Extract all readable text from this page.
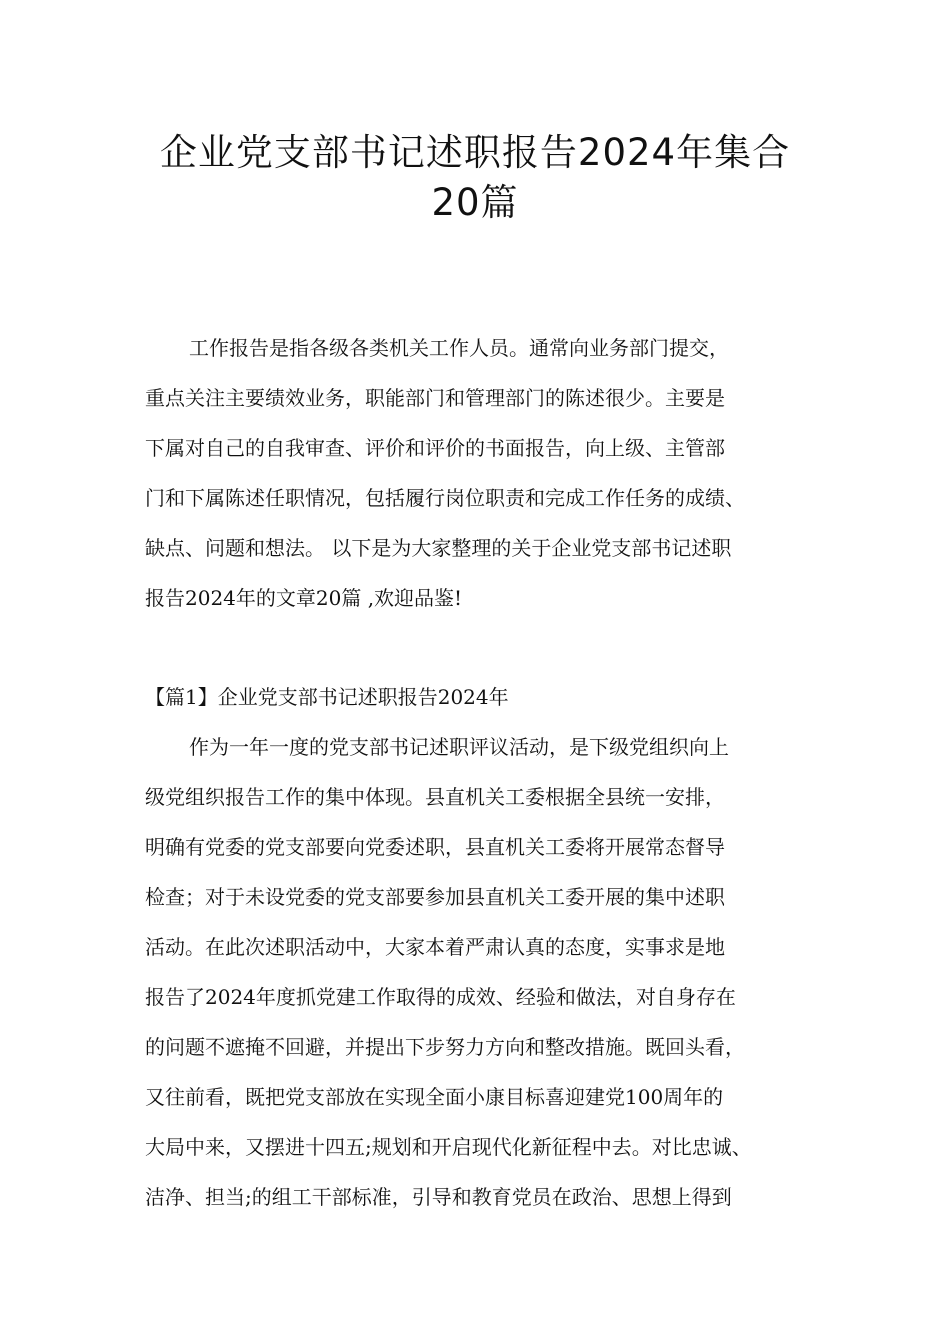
企业党支部书记述职报告2024年集合
20篇
工作报告是指各级各类机关工作人员。通常向业务部门提交，
重点关注主要绩效业务，职能部门和管理部门的陈述很少。主要是
下属对自己的自我审查、评价和评价的书面报告，向上级、主管部
门和下属陈述任职情况，包括履行岗位职责和完成工作任务的成绩、
缺点、问题和想法。 以下是为大家整理的关于企业党支部书记述职
报告2024年的文章20篇 ,欢迎品鉴!
【篇1】企业党支部书记述职报告2024年
作为一年一度的党支部书记述职评议活动，是下级党组织向上
级党组织报告工作的集中体现。县直机关工委根据全县统一安排，
明确有党委的党支部要向党委述职，县直机关工委将开展常态督导
检查；对于未设党委的党支部要参加县直机关工委开展的集中述职
活动。在此次述职活动中，大家本着严肃认真的态度，实事求是地
报告了2024年度抓党建工作取得的成效、经验和做法，对自身存在
的问题不遮掩不回避，并提出下步努力方向和整改措施。既回头看，
又往前看，既把党支部放在实现全面小康目标喜迎建党100周年的
大局中来，又摆进十四五;规划和开启现代化新征程中去。对比忠诚、
洁净、担当;的组工干部标准，引导和教育党员在政治、思想上得到
